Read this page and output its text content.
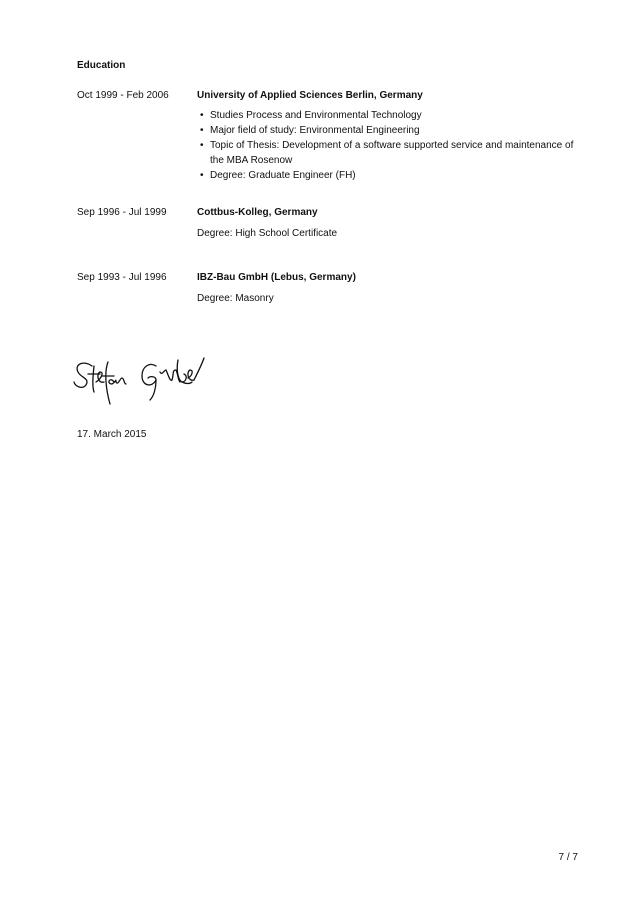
Education
Oct 1999 - Feb 2006	University of Applied Sciences Berlin, Germany
• Studies Process and Environmental Technology
• Major field of study: Environmental Engineering
• Topic of Thesis: Development of a software supported service and maintenance of the MBA Rosenow
• Degree: Graduate Engineer (FH)
Sep 1996 - Jul 1999	Cottbus-Kolleg, Germany
Degree: High School Certificate
Sep 1993 - Jul 1996	IBZ-Bau GmbH (Lebus, Germany)
Degree: Masonry
17. March 2015
7 / 7
